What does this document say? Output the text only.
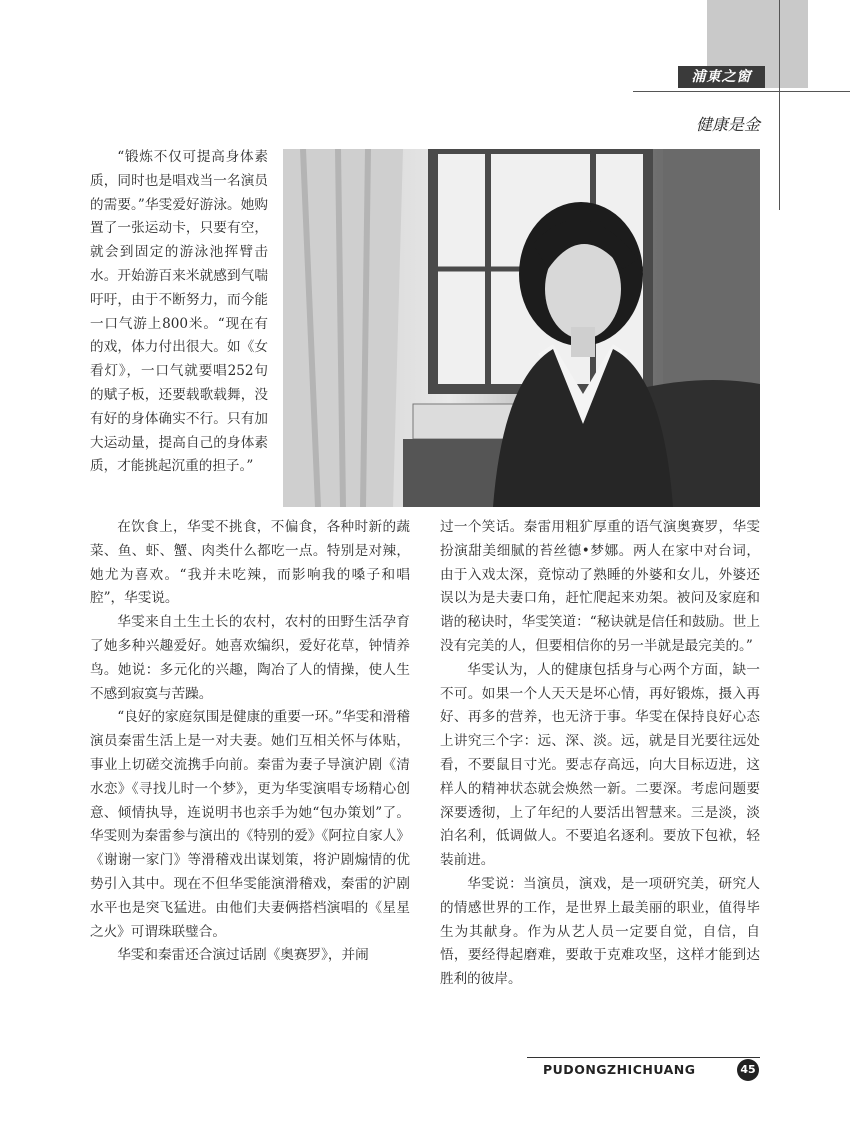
浦東之窗
健康是金

“锻炼不仅可提高身体素质，同时也是唱戏当一名演员的需要。”华雯爱好游泳。她购置了一张运动卡，只要有空，就会到固定的游泳池挥臂击水。开始游百来米就感到气喘吁吁，由于不断努力，而今能一口气游上800米。“现在有的戏，体力付出很大。如《女看灯》，一口气就要唱252句的赋子板，还要载歌载舞，没有好的身体确实不行。只有加大运动量，提高自己的身体素质，才能挑起沉重的担子。”

在饮食上，华雯不挑食，不偏食，各种时新的蔬菜、鱼、虾、蟹、肉类什么都吃一点。特别是对辣，她尤为喜欢。“我并未吃辣，而影响我的嗓子和唱腔”，华雯说。

华雯来自土生土长的农村，农村的田野生活孕育了她多种兴趣爱好。她喜欢编织，爱好花草，钟情养鸟。她说：多元化的兴趣，陶冶了人的情操，使人生不感到寂寞与苦躁。

“良好的家庭氛围是健康的重要一环。”华雯和滑稽演员秦雷生活上是一对夫妻。她们互相关怀与体贴，事业上切磋交流携手向前。秦雷为妻子导演沪剧《清水恋》《寻找儿时一个梦》，更为华雯演唱专场精心创意、倾情执导，连说明书也亲手为她“包办策划”了。华雯则为秦雷参与演出的《特别的爱》《阿拉自家人》《谢谢一家门》等滑稽戏出谋划策，将沪剧煽情的优势引入其中。现在不但华雯能演滑稽戏，秦雷的沪剧水平也是突飞猛进。由他们夫妻俩搭档演唱的《星星之火》可谓珠联璧合。

华雯和秦雷还合演过话剧《奥赛罗》，并闹

过一个笑话。秦雷用粗犷厚重的语气演奥赛罗，华雯扮演甜美细腻的苔丝德•梦娜。两人在家中对台词，由于入戏太深，竟惊动了熟睡的外婆和女儿，外婆还误以为是夫妻口角，赶忙爬起来劝架。被问及家庭和谐的秘诀时，华雯笑道：“秘诀就是信任和鼓励。世上没有完美的人，但要相信你的另一半就是最完美的。”

华雯认为，人的健康包括身与心两个方面，缺一不可。如果一个人天天是坏心情，再好锻炼，摄入再好、再多的营养，也无济于事。华雯在保持良好心态上讲究三个字：远、深、淡。远，就是目光要往远处看，不要鼠目寸光。要志存高远，向大目标迈进，这样人的精神状态就会焕然一新。二要深。考虑问题要深要透彻，上了年纪的人要活出智慧来。三是淡，淡泊名利，低调做人。不要追名逐利。要放下包袱，轻装前进。

华雯说：当演员，演戏，是一项研究美，研究人的情感世界的工作，是世界上最美丽的职业，值得毕生为其献身。作为从艺人员一定要自觉，自信，自悟，要经得起磨难，要敢于克难攻坚，这样才能到达胜利的彼岸。

PUDONGZHICHUANG	45
